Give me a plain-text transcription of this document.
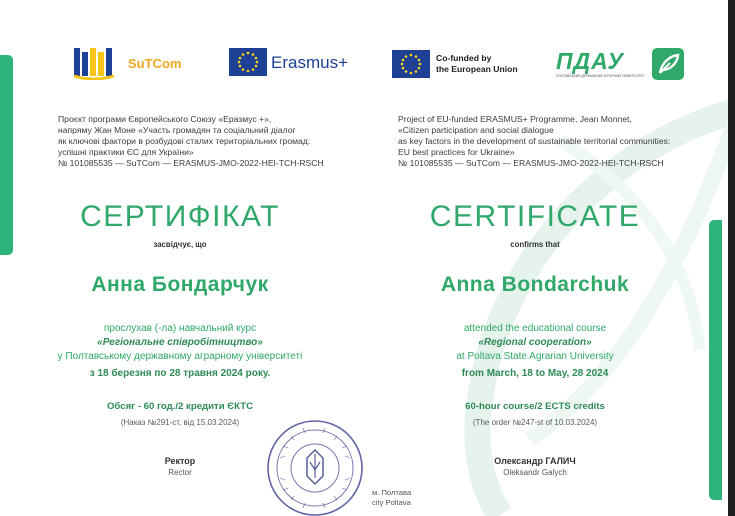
SuTCom	Erasmus+	Co-funded by
the European Union ПДАУ
ПОЛТАВСЬКИЙ ДЕРЖАВНИЙ АГРАРНИЙ УНІВЕРСИТЕТ
Проєкт програми Європейського Союзу «Еразмус +»,
напряму Жан Моне «Участь громадян та соціальний діалог
як ключові фактори в розбудові сталих територіальних громад:
успішні практики ЄС для України»
№ 101085535 — SuTCom — ERASMUS-JMO-2022-HEI-TCH-RSCH
СЕРТИФІКАТ
засвідчує, що
Анна Бондарчук
прослухав (-ла) навчальний курс
«Регіональне співробітництво»
у Полтавському державному аграрному університеті
з 18 березня по 28 травня 2024 року.
Обсяг - 60 год./2 кредити ЄКТС
(Наказ №291-ст, від 15.03.2024)
Ректор
Rector
м. Полтава
city Poltava
Project of EU-funded ERASMUS+ Programme, Jean Monnet,
«Citizen participation and social dialogue
as key factors in the development of sustainable territorial communities:
EU best practices for Ukraine»
№ 101085535 — SuTCom — ERASMUS-JMO-2022-HEI-TCH-RSCH
CERTIFICATE
confirms that
Anna Bondarchuk
attended the educational course
«Regional cooperation»
at Poltava State Agrarian University
from March, 18 to May, 28 2024
60-hour course/2 ECTS credits
(The order №247-st of 10.03.2024)
Олександр ГАЛИЧ
Oleksandr Galych
